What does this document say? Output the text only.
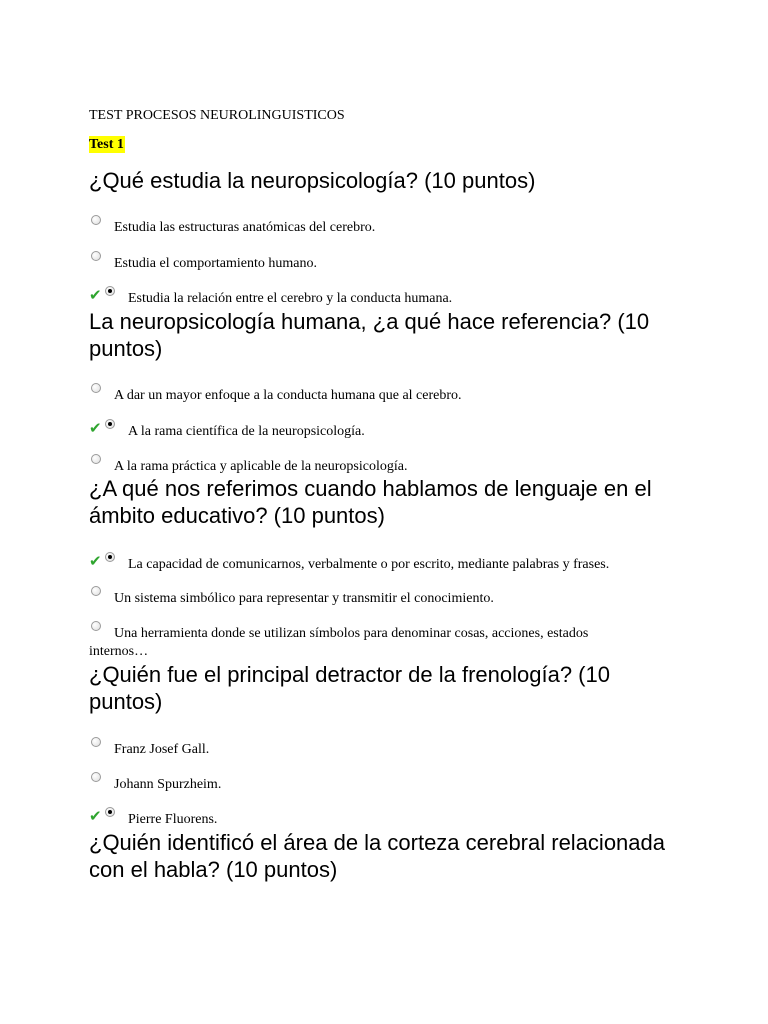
TEST PROCESOS NEUROLINGUISTICOS
Test 1
¿Qué estudia la neuropsicología? (10 puntos)
Estudia las estructuras anatómicas del cerebro.
Estudia el comportamiento humano.
✔ Estudia la relación entre el cerebro y la conducta humana.
La neuropsicología humana, ¿a qué hace referencia? (10 puntos)
A dar un mayor enfoque a la conducta humana que al cerebro.
✔ A la rama científica de la neuropsicología.
A la rama práctica y aplicable de la neuropsicología.
¿A qué nos referimos cuando hablamos de lenguaje en el ámbito educativo? (10 puntos)
✔ La capacidad de comunicarnos, verbalmente o por escrito, mediante palabras y frases.
Un sistema simbólico para representar y transmitir el conocimiento.
Una herramienta donde se utilizan símbolos para denominar cosas, acciones, estados internos…
¿Quién fue el principal detractor de la frenología? (10 puntos)
Franz Josef Gall.
Johann Spurzheim.
✔ Pierre Fluorens.
¿Quién identificó el área de la corteza cerebral relacionada con el habla? (10 puntos)
